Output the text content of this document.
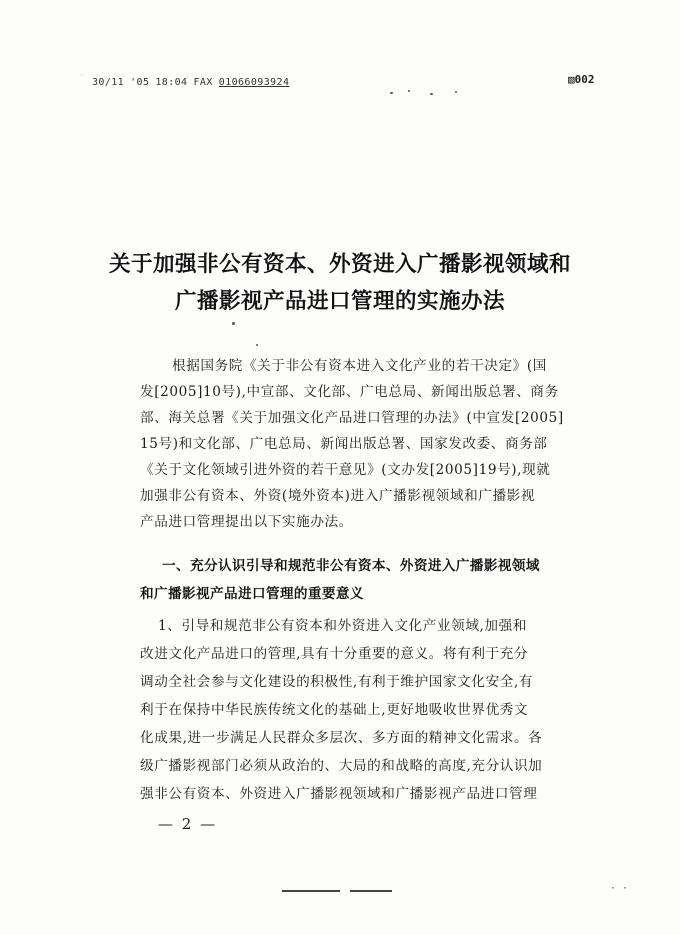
30/11 '05 18:04 FAX 01066093924	▧002
关于加强非公有资本、外资进入广播影视领域和
广播影视产品进口管理的实施办法
根据国务院《关于非公有资本进入文化产业的若干决定》(国
发[2005]10号),中宣部、文化部、广电总局、新闻出版总署、商务
部、海关总署《关于加强文化产品进口管理的办法》(中宣发[2005]
15号)和文化部、广电总局、新闻出版总署、国家发改委、商务部
《关于文化领域引进外资的若干意见》(文办发[2005]19号),现就
加强非公有资本、外资(境外资本)进入广播影视领域和广播影视
产品进口管理提出以下实施办法。
一、充分认识引导和规范非公有资本、外资进入广播影视领域
和广播影视产品进口管理的重要意义
1、引导和规范非公有资本和外资进入文化产业领域,加强和
改进文化产品进口的管理,具有十分重要的意义。将有利于充分
调动全社会参与文化建设的积极性,有利于维护国家文化安全,有
利于在保持中华民族传统文化的基础上,更好地吸收世界优秀文
化成果,进一步满足人民群众多层次、多方面的精神文化需求。各
级广播影视部门必须从政治的、大局的和战略的高度,充分认识加
强非公有资本、外资进入广播影视领域和广播影视产品进口管理
— 2 —
· ·
